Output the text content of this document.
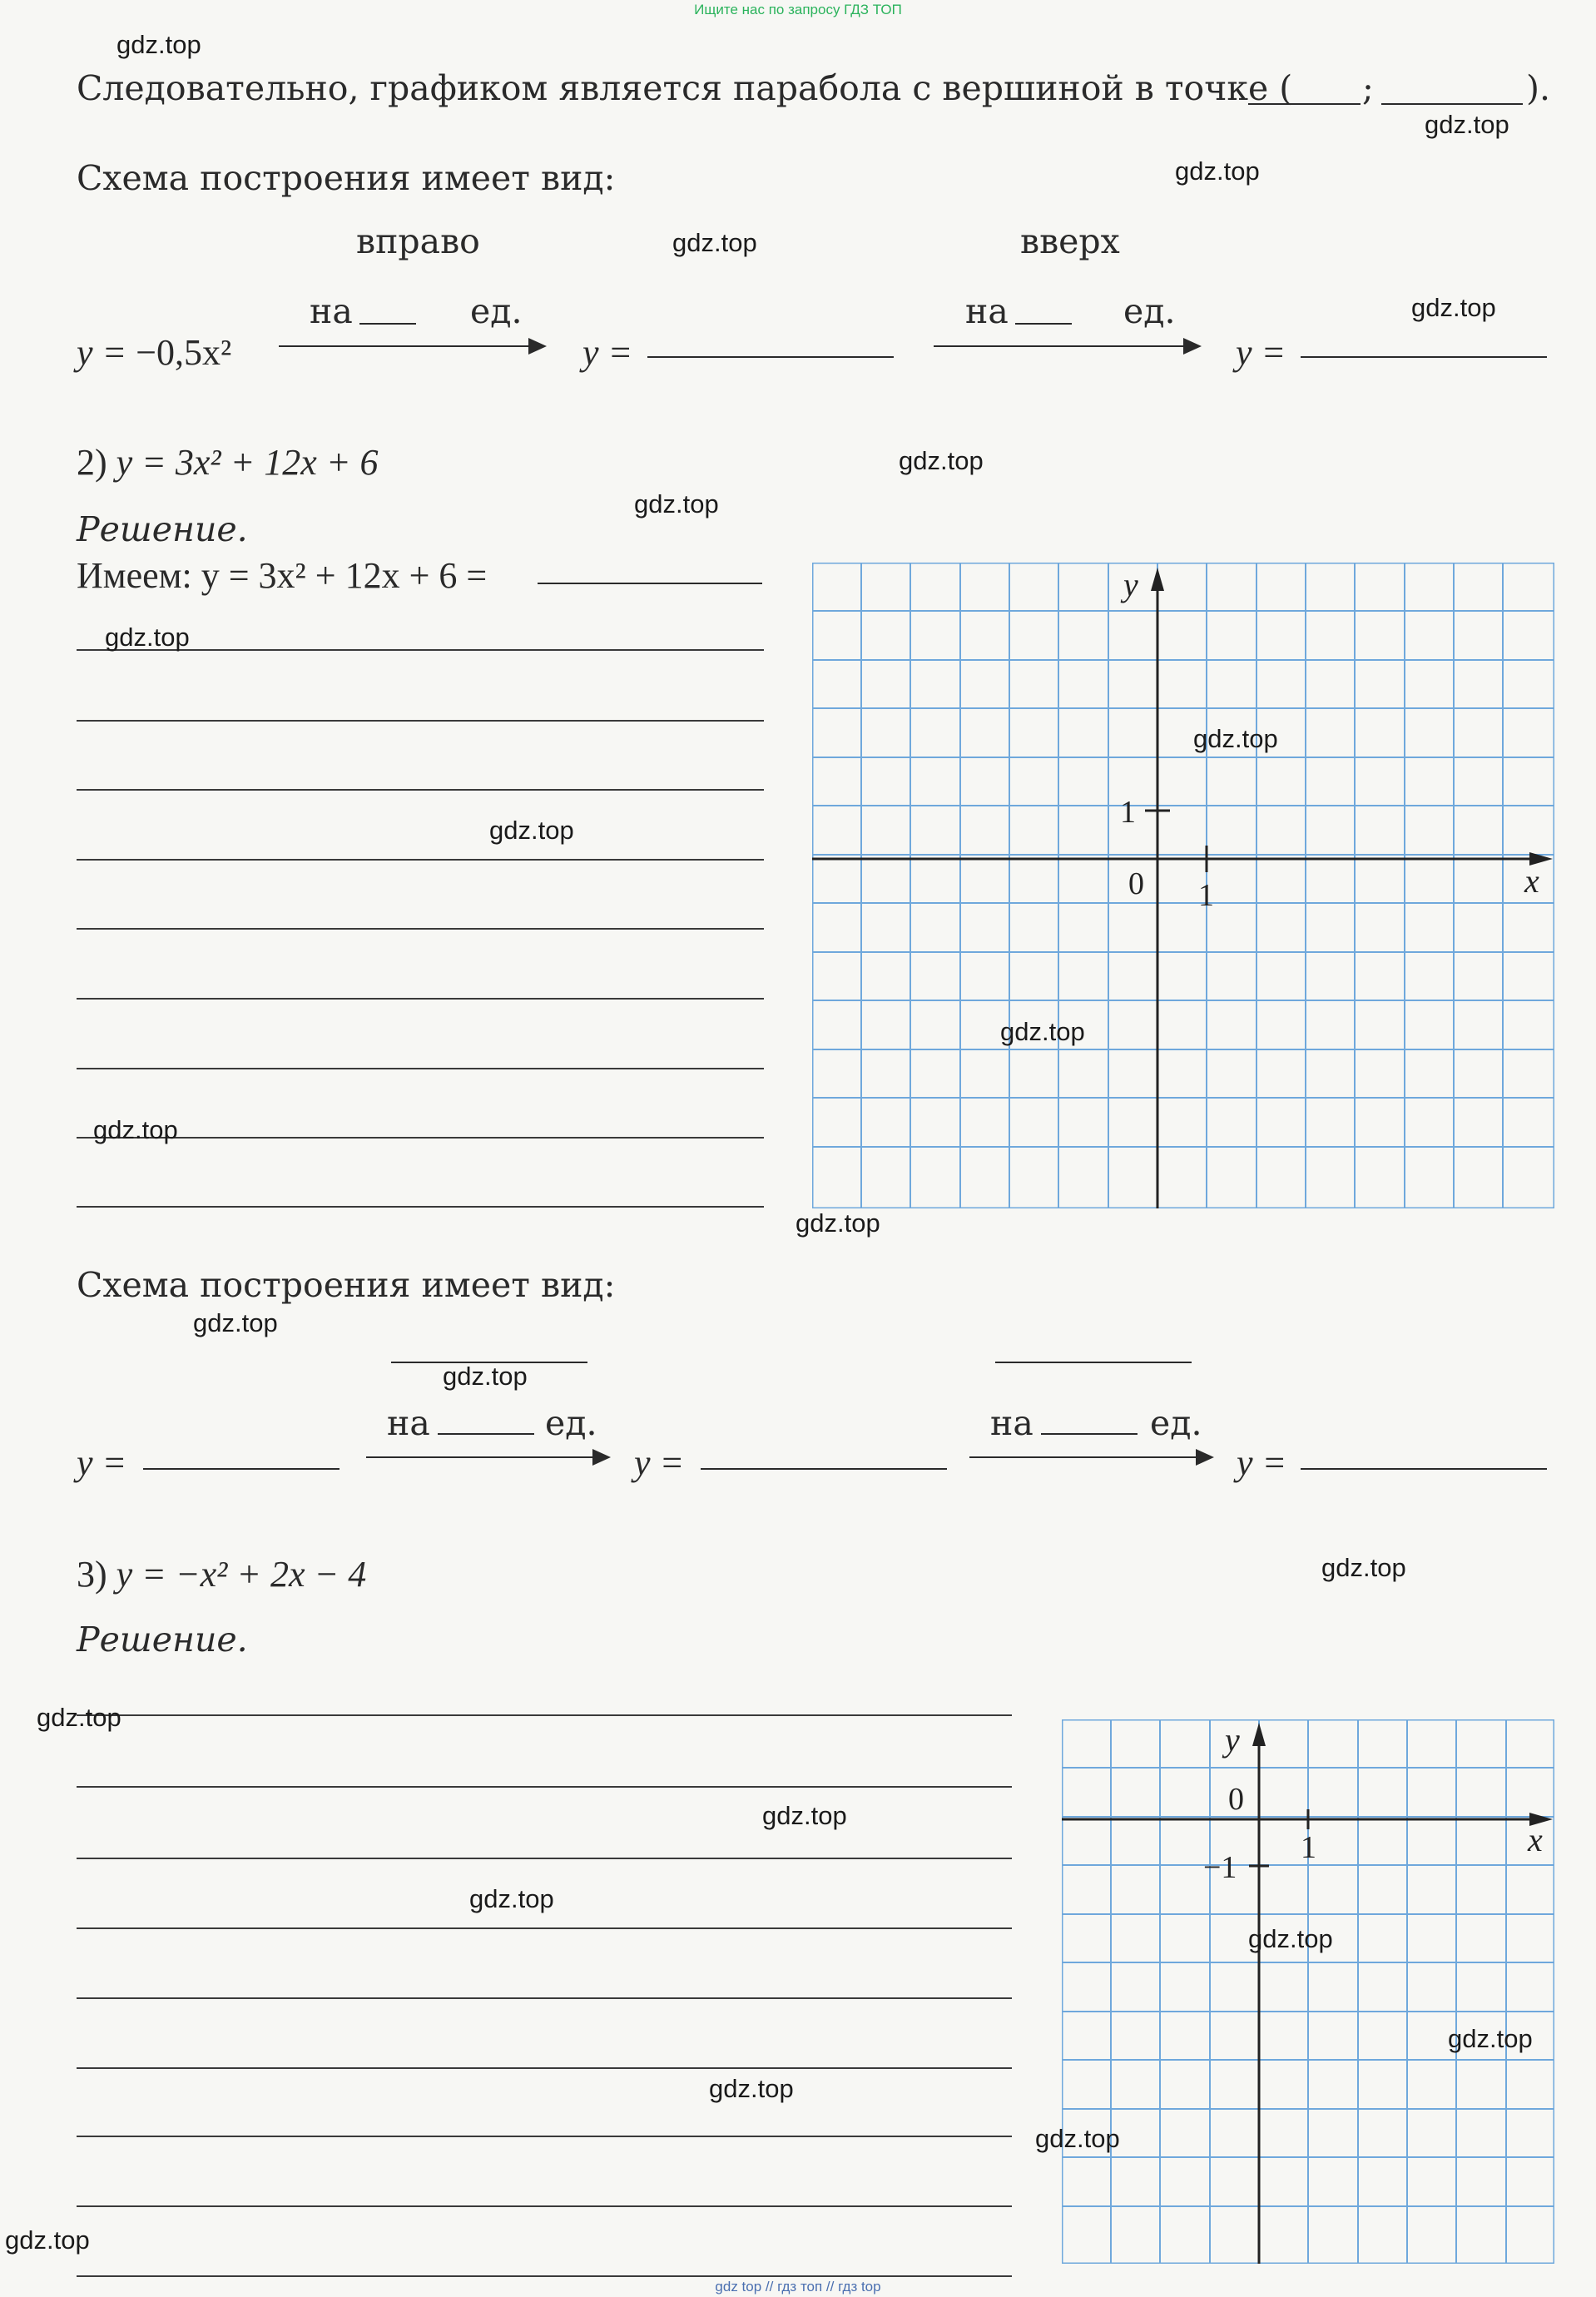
Ищите нас по запросу ГДЗ ТОП
gdz top // гдз топ // гдз top
Следовательно, графиком является парабола с вершиной в точке ( ;	).
Схема построения имеет вид:
вправо	вверх
на	ед.	на	ед.
y = −0,5x²	y =	y =
2) y = 3x² + 12x + 6
Решение.
Имеем: y = 3x² + 12x + 6 =	y
x
0 1
1
Схема построения имеет вид:
на	ед.	на	ед.
y =	y =	y =
3) y = −x² + 2x − 4
Решение.
y
x
0
1
−1
gdz.top
gdz.top
gdz.top
gdz.top
gdz.top
gdz.top
gdz.top
gdz.top
gdz.top
gdz.top
gdz.top
gdz.top
gdz.top
gdz.top
gdz.top
gdz.top
gdz.top
gdz.top
gdz.top
gdz.top
gdz.top
gdz.top
gdz.top
gdz.top
